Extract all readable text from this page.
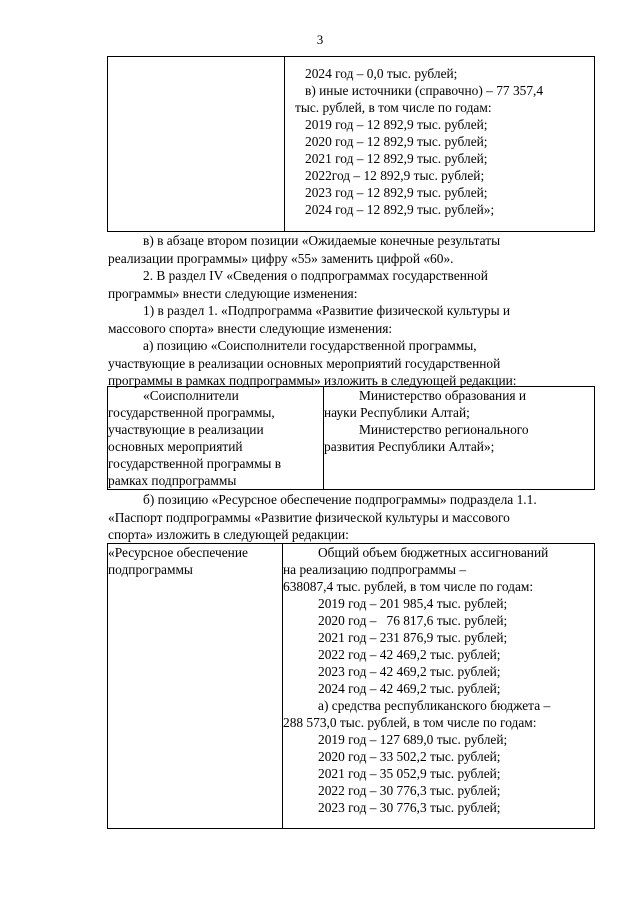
3

2024 год – 0,0 тыс. рублей;
в) иные источники (справочно) – 77 357,4
тыс. рублей, в том числе по годам:
2019 год – 12 892,9 тыс. рублей;
2020 год – 12 892,9 тыс. рублей;
2021 год – 12 892,9 тыс. рублей;
2022год – 12 892,9 тыс. рублей;
2023 год – 12 892,9 тыс. рублей;
2024 год – 12 892,9 тыс. рублей»;
в) в абзаце втором позиции «Ожидаемые конечные результаты
реализации программы» цифру «55» заменить цифрой «60».
2. В раздел IV «Сведения о подпрограммах государственной
программы» внести следующие изменения:
1) в раздел 1. «Подпрограмма «Развитие физической культуры и
массового спорта» внести следующие изменения:
а) позицию «Соисполнители государственной программы,
участвующие в реализации основных мероприятий государственной
программы в рамках подпрограммы» изложить в следующей редакции:
«Соисполнители
государственной программы,
участвующие в реализации
основных мероприятий
государственной программы в
рамках подпрограммы

Министерство образования и
науки Республики Алтай;
Министерство регионального
развития Республики Алтай»;
б) позицию «Ресурсное обеспечение подпрограммы» подраздела 1.1.
«Паспорт подпрограммы «Развитие физической культуры и массового
спорта» изложить в следующей редакции:
«Ресурсное обеспечение
подпрограммы

Общий объем бюджетных ассигнований
на реализацию подпрограммы –
638087,4 тыс. рублей, в том числе по годам:
2019 год – 201 985,4 тыс. рублей;
2020 год –   76 817,6 тыс. рублей;
2021 год – 231 876,9 тыс. рублей;
2022 год – 42 469,2 тыс. рублей;
2023 год – 42 469,2 тыс. рублей;
2024 год – 42 469,2 тыс. рублей;
а) средства республиканского бюджета –
288 573,0 тыс. рублей, в том числе по годам:
2019 год – 127 689,0 тыс. рублей;
2020 год – 33 502,2 тыс. рублей;
2021 год – 35 052,9 тыс. рублей;
2022 год – 30 776,3 тыс. рублей;
2023 год – 30 776,3 тыс. рублей;
